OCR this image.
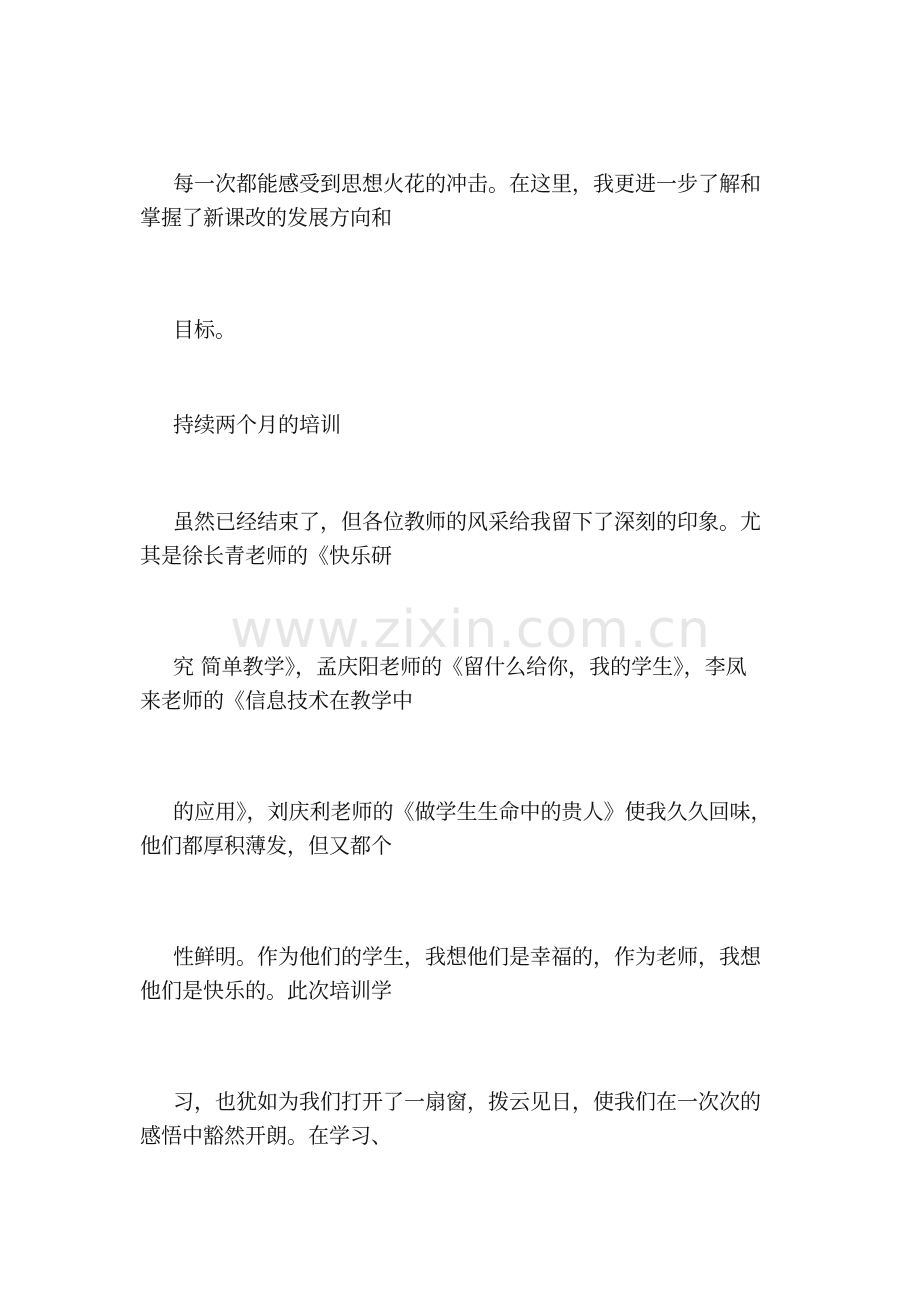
www.zixin.com.cn

每一次都能感受到思想火花的冲击。在这里，我更进一步了解和
掌握了新课改的发展方向和

目标。

持续两个月的培训

虽然已经结束了，但各位教师的风采给我留下了深刻的印象。尤
其是徐长青老师的《快乐研

究 简单教学》，孟庆阳老师的《留什么给你，我的学生》，李凤
来老师的《信息技术在教学中

的应用》，刘庆利老师的《做学生生命中的贵人》使我久久回味，
他们都厚积薄发，但又都个

性鲜明。作为他们的学生，我想他们是幸福的，作为老师，我想
他们是快乐的。此次培训学

习，也犹如为我们打开了一扇窗，拨云见日，使我们在一次次的
感悟中豁然开朗。在学习、
